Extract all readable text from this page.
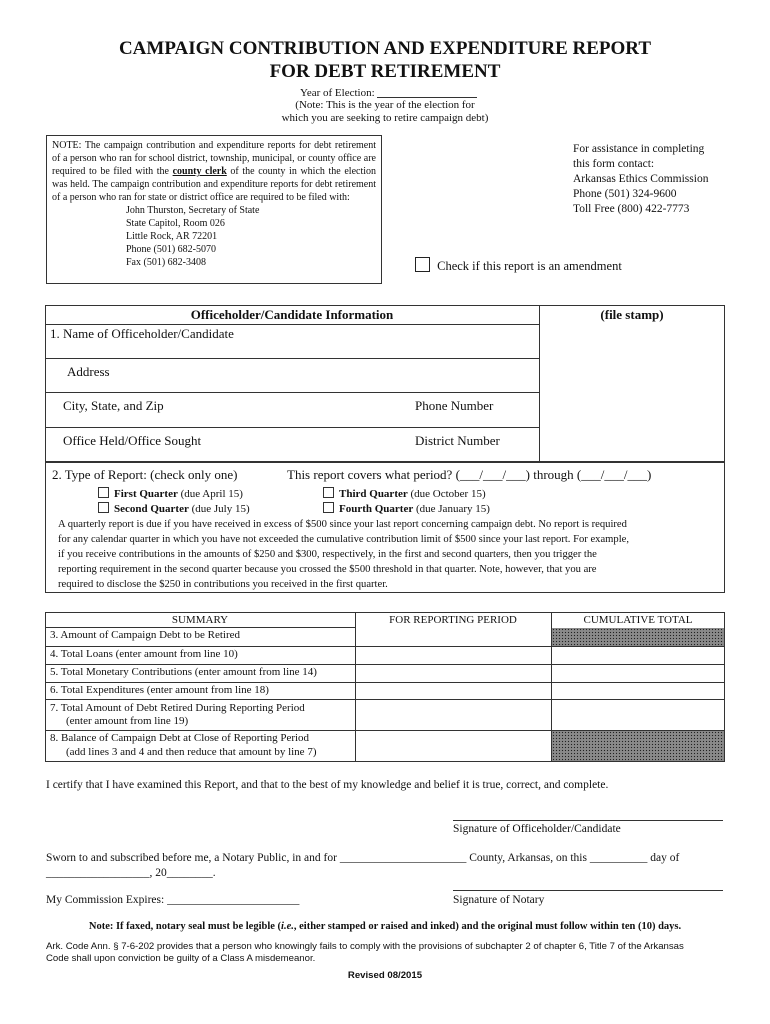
CAMPAIGN CONTRIBUTION AND EXPENDITURE REPORT
FOR DEBT RETIREMENT
Year of Election:
(Note: This is the year of the election for
which you are seeking to retire campaign debt)
NOTE: The campaign contribution and expenditure reports for debt retirement of a person who ran for school district, township, municipal, or county office are required to be filed with the county clerk of the county in which the election was held. The campaign contribution and expenditure reports for debt retirement of a person who ran for state or district office are required to be filed with:
John Thurston, Secretary of State
State Capitol, Room 026
Little Rock, AR 72201
Phone (501) 682-5070
Fax (501) 682-3408
For assistance in completing
this form contact:
Arkansas Ethics Commission
Phone (501) 324-9600
Toll Free (800) 422-7773
Check if this report is an amendment
Officeholder/Candidate Information	(file stamp)
1. Name of Officeholder/Candidate
Address
City, State, and Zip	Phone Number
Office Held/Office Sought	District Number
2. Type of Report: (check only one)	This report covers what period? (___/___/___) through (___/___/___)
First Quarter (due April 15)
Second Quarter (due July 15)
Third Quarter (due October 15)
Fourth Quarter (due January 15)
A quarterly report is due if you have received in excess of $500 since your last report concerning campaign debt. No report is required
for any calendar quarter in which you have not exceeded the cumulative contribution limit of $500 since your last report. For example,
if you receive contributions in the amounts of $250 and $300, respectively, in the first and second quarters, then you trigger the
reporting requirement in the second quarter because you crossed the $500 threshold in that quarter. Note, however, that you are
required to disclose the $250 in contributions you received in the first quarter.
SUMMARY	FOR REPORTING PERIOD	CUMULATIVE TOTAL
3. Amount of Campaign Debt to be Retired
4. Total Loans (enter amount from line 10)
5. Total Monetary Contributions (enter amount from line 14)
6. Total Expenditures (enter amount from line 18)
7. Total Amount of Debt Retired During Reporting Period
(enter amount from line 19)
8. Balance of Campaign Debt at Close of Reporting Period
(add lines 3 and 4 and then reduce that amount by line 7)
I certify that I have examined this Report, and that to the best of my knowledge and belief it is true, correct, and complete.
Signature of Officeholder/Candidate
Sworn to and subscribed before me, a Notary Public, in and for ______________________ County, Arkansas, on this __________ day of
__________________, 20________.
My Commission Expires: _______________________	Signature of Notary
Note: If faxed, notary seal must be legible (i.e., either stamped or raised and inked) and the original must follow within ten (10) days.
Ark. Code Ann. § 7-6-202 provides that a person who knowingly fails to comply with the provisions of subchapter 2 of chapter 6, Title 7 of the Arkansas
Code shall upon conviction be guilty of a Class A misdemeanor.
Revised 08/2015
